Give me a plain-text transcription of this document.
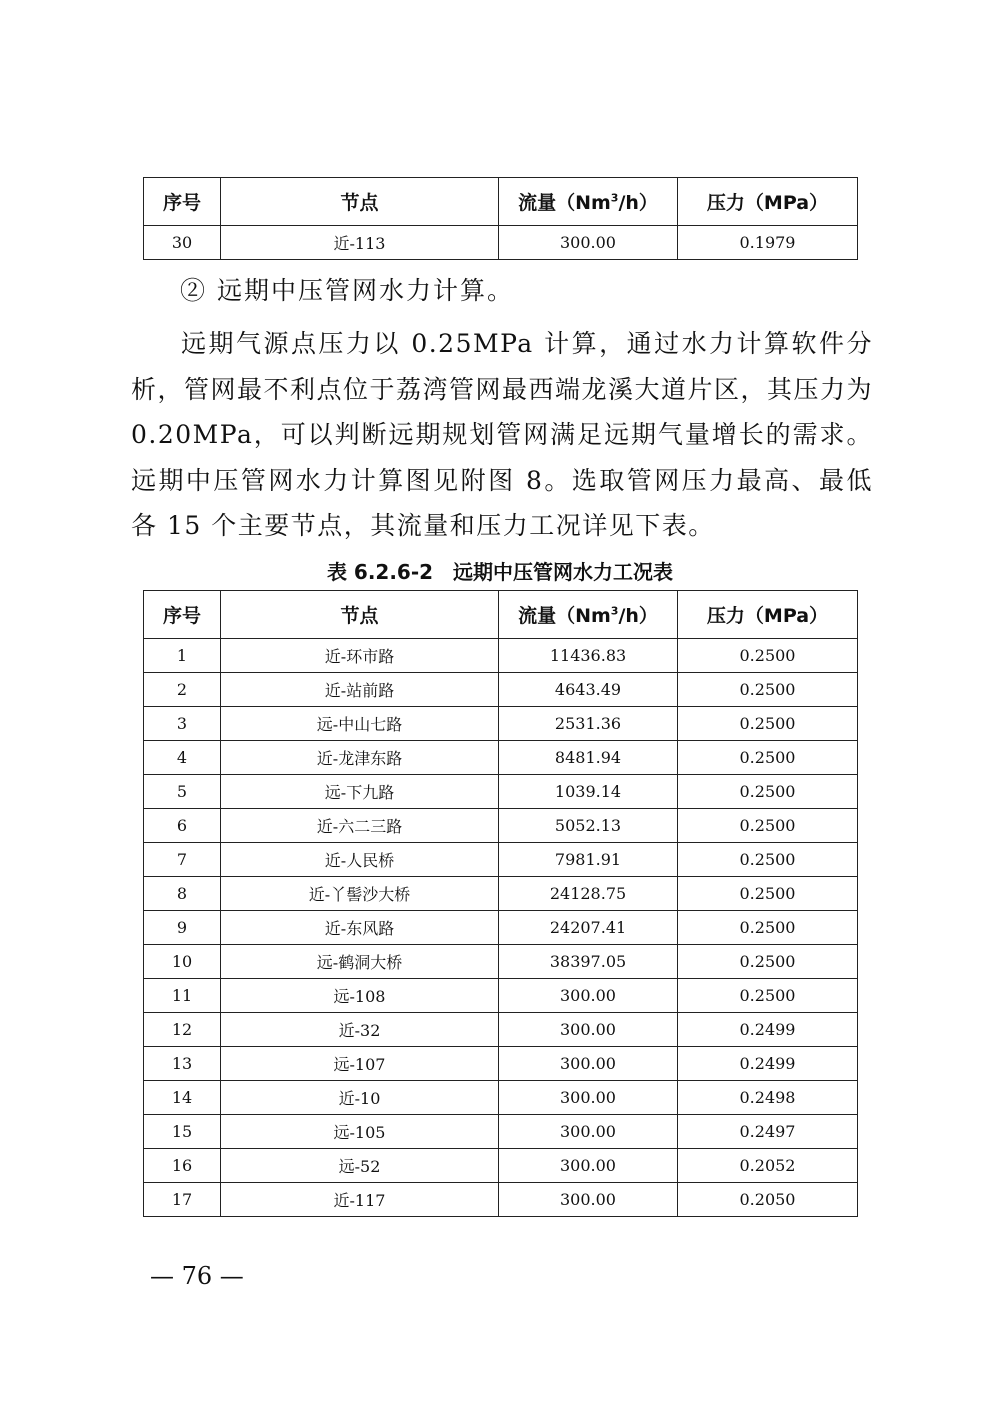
序号	节点	流量（Nm$^3$/h）	压力（MPa）
30	近-113	300.00	0.1979
② 远期中压管网水力计算。

远期气源点压力以 0.25MPa 计算，通过水力计算软件分析，管网最不利点位于荔湾管网最西端龙溪大道片区，其压力为 0.20MPa，可以判断远期规划管网满足远期气量增长的需求。远期中压管网水力计算图见附图 8。选取管网压力最高、最低各 15 个主要节点，其流量和压力工况详见下表。

表 6.2.6-2　远期中压管网水力工况表
序号	节点	流量（Nm$^3$/h）	压力（MPa）
1	近-环市路	11436.83	0.2500
2	近-站前路	4643.49	0.2500
3	远-中山七路	2531.36	0.2500
4	近-龙津东路	8481.94	0.2500
5	远-下九路	1039.14	0.2500
6	近-六二三路	5052.13	0.2500
7	近-人民桥	7981.91	0.2500
8	近-丫髻沙大桥	24128.75	0.2500
9	近-东风路	24207.41	0.2500
10	远-鹤洞大桥	38397.05	0.2500
11	远-108	300.00	0.2500
12	近-32	300.00	0.2499
13	远-107	300.00	0.2499
14	近-10	300.00	0.2498
15	远-105	300.00	0.2497
16	远-52	300.00	0.2052
17	近-117	300.00	0.2050
— 76 —
